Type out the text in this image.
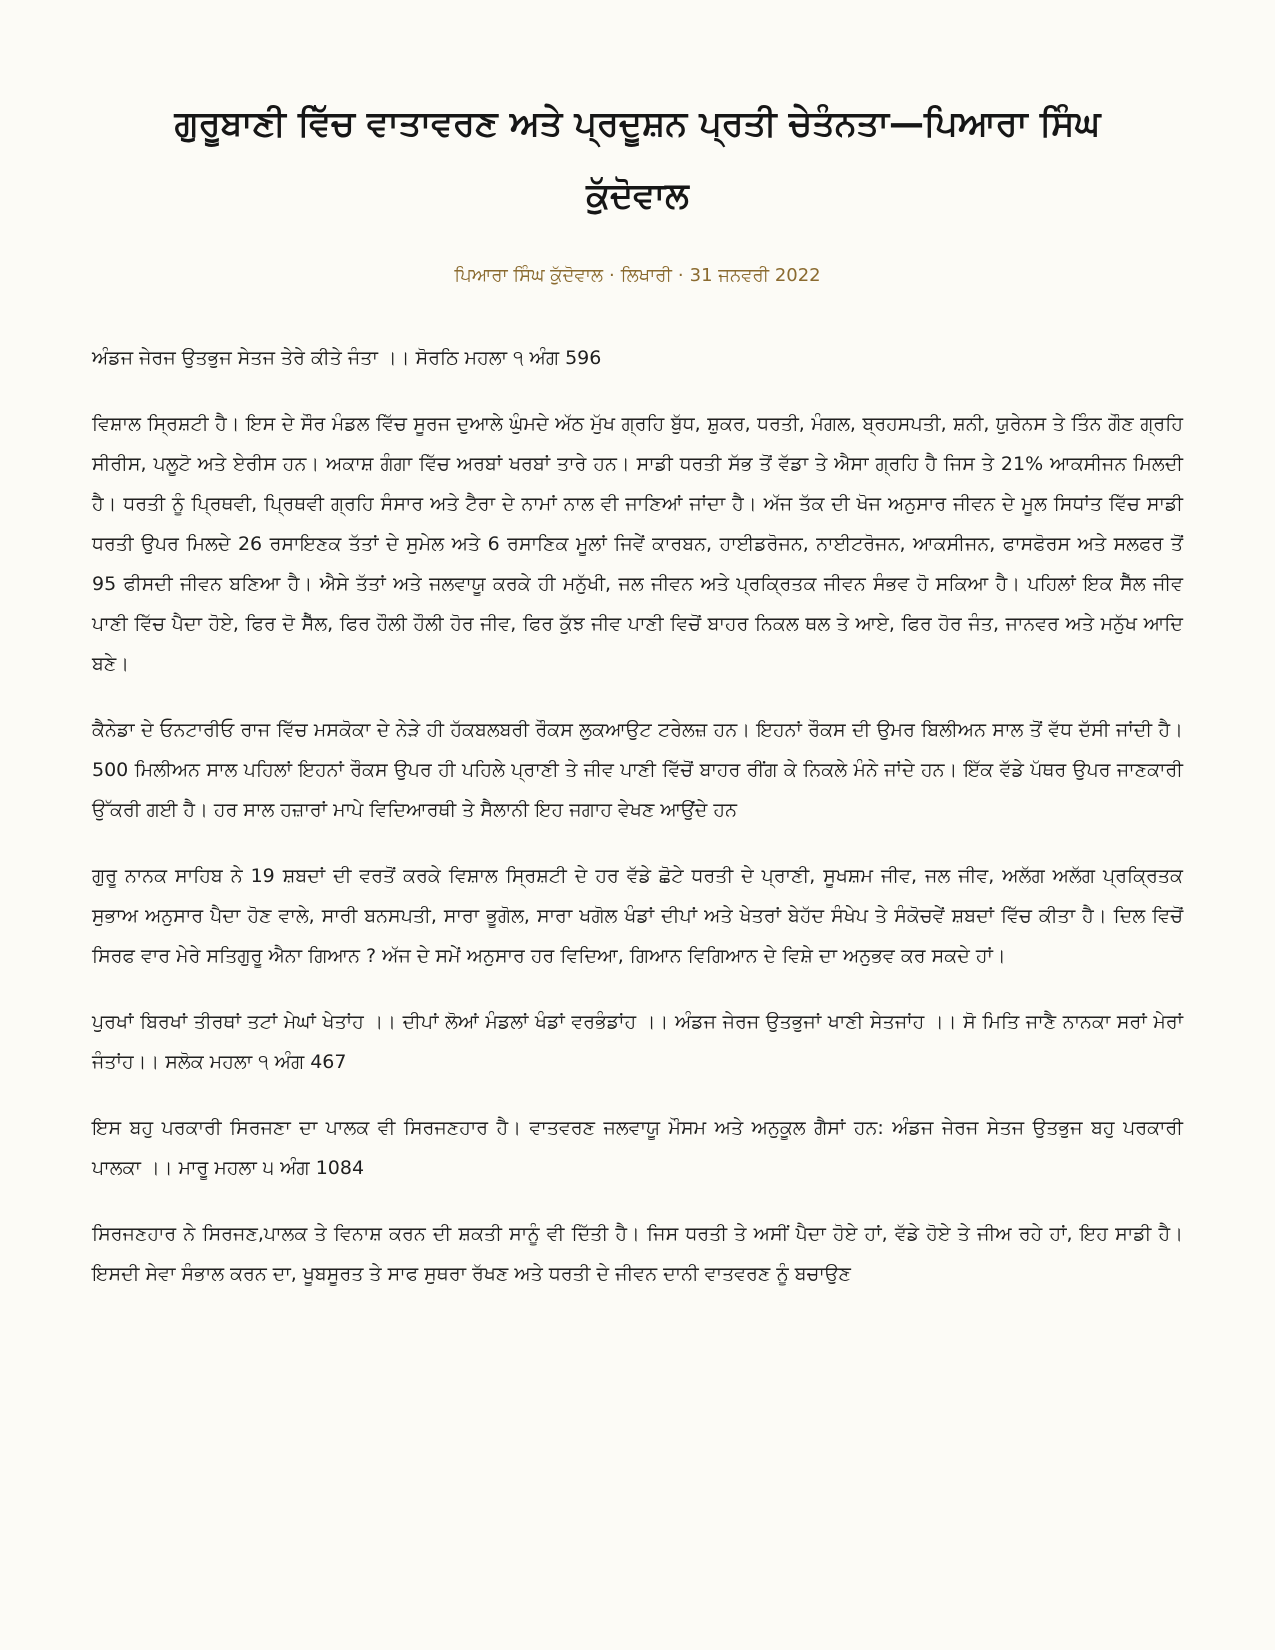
ਗੁਰੂਬਾਣੀ ਵਿੱਚ ਵਾਤਾਵਰਣ ਅਤੇ ਪ੍ਰਦੂਸ਼ਨ ਪ੍ਰਤੀ ਚੇਤੰਨਤਾ—ਪਿਆਰਾ ਸਿੰਘ ਕੁੱਦੋਵਾਲ
ਪਿਆਰਾ ਸਿੰਘ ਕੁੱਦੋਵਾਲ · ਲਿਖਾਰੀ · 31 ਜਨਵਰੀ 2022

ਅੰਡਜ ਜੇਰਜ ਉਤਭੁਜ ਸੇਤਜ ਤੇਰੇ ਕੀਤੇ ਜੰਤਾ ।। ਸੋਰਠਿ ਮਹਲਾ ੧ ਅੰਗ 596

ਵਿਸ਼ਾਲ ਸ੍ਰਿਸ਼ਟੀ ਹੈ। ਇਸ ਦੇ ਸੌਰ ਮੰਡਲ ਵਿੱਚ ਸੂਰਜ ਦੁਆਲੇ ਘੁੰਮਦੇ ਅੱਠ ਮੁੱਖ ਗ੍ਰਹਿ ਬੁੱਧ, ਸ਼ੁਕਰ, ਧਰਤੀ, ਮੰਗਲ, ਬ੍ਰਹਸਪਤੀ, ਸ਼ਨੀ, ਯੁਰੇਨਸ ਤੇ ਤਿੰਨ ਗੌਣ ਗ੍ਰਹਿ ਸੀਰੀਸ, ਪਲੂਟੋ ਅਤੇ ਏਰੀਸ ਹਨ। ਅਕਾਸ਼ ਗੰਗਾ ਵਿੱਚ ਅਰਬਾਂ ਖਰਬਾਂ ਤਾਰੇ ਹਨ। ਸਾਡੀ ਧਰਤੀ ਸੱਭ ਤੋਂ ਵੱਡਾ ਤੇ ਐਸਾ ਗ੍ਰਹਿ ਹੈ ਜਿਸ ਤੇ 21% ਆਕਸੀਜਨ ਮਿਲਦੀ ਹੈ। ਧਰਤੀ ਨੂੰ ਪ੍ਰਿਥਵੀ, ਪ੍ਰਿਥਵੀ ਗ੍ਰਹਿ ਸੰਸਾਰ ਅਤੇ ਟੈਰਾ ਦੇ ਨਾਮਾਂ ਨਾਲ ਵੀ ਜਾਣਿਆਂ ਜਾਂਦਾ ਹੈ। ਅੱਜ ਤੱਕ ਦੀ ਖੋਜ ਅਨੁਸਾਰ ਜੀਵਨ ਦੇ ਮੂਲ ਸਿਧਾਂਤ ਵਿੱਚ ਸਾਡੀ ਧਰਤੀ ਉਪਰ ਮਿਲਦੇ 26 ਰਸਾਇਣਕ ਤੱਤਾਂ ਦੇ ਸੁਮੇਲ ਅਤੇ 6 ਰਸਾਣਿਕ ਮੂਲਾਂ ਜਿਵੇਂ ਕਾਰਬਨ, ਹਾਈਡਰੋਜਨ, ਨਾਈਟਰੋਜਨ, ਆਕਸੀਜਨ, ਫਾਸਫੋਰਸ ਅਤੇ ਸਲਫਰ ਤੋਂ 95 ਫੀਸਦੀ ਜੀਵਨ ਬਣਿਆ ਹੈ। ਐਸੇ ਤੱਤਾਂ ਅਤੇ ਜਲਵਾਯੂ ਕਰਕੇ ਹੀ ਮਨੁੱਖੀ, ਜਲ ਜੀਵਨ ਅਤੇ ਪ੍ਰਕ੍ਰਿਤਕ ਜੀਵਨ ਸੰਭਵ ਹੋ ਸਕਿਆ ਹੈ। ਪਹਿਲਾਂ ਇਕ ਸੈੱਲ ਜੀਵ ਪਾਣੀ ਵਿੱਚ ਪੈਦਾ ਹੋਏ, ਫਿਰ ਦੋ ਸੈੱਲ, ਫਿਰ ਹੌਲੀ ਹੌਲੀ ਹੋਰ ਜੀਵ, ਫਿਰ ਕੁੱਝ ਜੀਵ ਪਾਣੀ ਵਿਚੋਂ ਬਾਹਰ ਨਿਕਲ ਥਲ ਤੇ ਆਏ, ਫਿਰ ਹੋਰ ਜੰਤ, ਜਾਨਵਰ ਅਤੇ ਮਨੁੱਖ ਆਦਿ ਬਣੇ।

ਕੈਨੇਡਾ ਦੇ ਓਨਟਾਰੀਓ ਰਾਜ ਵਿੱਚ ਮਸਕੋਕਾ ਦੇ ਨੇੜੇ ਹੀ ਹੱਕਬਲਬਰੀ ਰੌਕਸ ਲੁਕਆਉਟ ਟਰੇਲਜ਼ ਹਨ। ਇਹਨਾਂ ਰੌਕਸ ਦੀ ਉਮਰ ਬਿਲੀਅਨ ਸਾਲ ਤੋਂ ਵੱਧ ਦੱਸੀ ਜਾਂਦੀ ਹੈ। 500 ਮਿਲੀਅਨ ਸਾਲ ਪਹਿਲਾਂ ਇਹਨਾਂ ਰੌਕਸ ਉਪਰ ਹੀ ਪਹਿਲੇ ਪ੍ਰਾਣੀ ਤੇ ਜੀਵ ਪਾਣੀ ਵਿੱਚੋਂ ਬਾਹਰ ਰੀਂਗ ਕੇ ਨਿਕਲੇ ਮੰਨੇ ਜਾਂਦੇ ਹਨ। ਇੱਕ ਵੱਡੇ ਪੱਥਰ ਉਪਰ ਜਾਣਕਾਰੀ ਉੱਕਰੀ ਗਈ ਹੈ। ਹਰ ਸਾਲ ਹਜ਼ਾਰਾਂ ਮਾਪੇ ਵਿਦਿਆਰਥੀ ਤੇ ਸੈਲਾਨੀ ਇਹ ਜਗਾਹ ਵੇਖਣ ਆਉਂਦੇ ਹਨ

ਗੁਰੂ ਨਾਨਕ ਸਾਹਿਬ ਨੇ 19 ਸ਼ਬਦਾਂ ਦੀ ਵਰਤੋਂ ਕਰਕੇ ਵਿਸ਼ਾਲ ਸ੍ਰਿਸ਼ਟੀ ਦੇ ਹਰ ਵੱਡੇ ਛੋਟੇ ਧਰਤੀ ਦੇ ਪ੍ਰਾਣੀ, ਸੂਖਸ਼ਮ ਜੀਵ, ਜਲ ਜੀਵ, ਅਲੱਗ ਅਲੱਗ ਪ੍ਰਕ੍ਰਿਤਕ ਸੁਭਾਅ ਅਨੁਸਾਰ ਪੈਦਾ ਹੋਣ ਵਾਲੇ, ਸਾਰੀ ਬਨਸਪਤੀ, ਸਾਰਾ ਭੂਗੋਲ, ਸਾਰਾ ਖਗੋਲ ਖੰਡਾਂ ਦੀਪਾਂ ਅਤੇ ਖੇਤਰਾਂ ਬੇਹੱਦ ਸੰਖੇਪ ਤੇ ਸੰਕੋਚਵੇਂ ਸ਼ਬਦਾਂ ਵਿੱਚ ਕੀਤਾ ਹੈ। ਦਿਲ ਵਿਚੋਂ ਸਿਰਫ ਵਾਰ ਮੇਰੇ ਸਤਿਗੁਰੂ ਐਨਾ ਗਿਆਨ ? ਅੱਜ ਦੇ ਸਮੇਂ ਅਨੁਸਾਰ ਹਰ ਵਿਦਿਆ, ਗਿਆਨ ਵਿਗਿਆਨ ਦੇ ਵਿਸ਼ੇ ਦਾ ਅਨੁਭਵ ਕਰ ਸਕਦੇ ਹਾਂ।

ਪੁਰਖਾਂ ਬਿਰਖਾਂ ਤੀਰਥਾਂ ਤਟਾਂ ਮੇਘਾਂ ਖੇਤਾਂਹ ।। ਦੀਪਾਂ ਲੋਆਂ ਮੰਡਲਾਂ ਖੰਡਾਂ ਵਰਭੰਡਾਂਹ ।। ਅੰਡਜ ਜੇਰਜ ਉਤਭੁਜਾਂ ਖਾਣੀ ਸੇਤਜਾਂਹ ।। ਸੋ ਮਿਤਿ ਜਾਣੈ ਨਾਨਕਾ ਸਰਾਂ ਮੇਰਾਂ ਜੰਤਾਂਹ।। ਸਲੋਕ ਮਹਲਾ ੧ ਅੰਗ 467

ਇਸ ਬਹੁ ਪਰਕਾਰੀ ਸਿਰਜਣਾ ਦਾ ਪਾਲਕ ਵੀ ਸਿਰਜਣਹਾਰ ਹੈ। ਵਾਤਵਰਣ ਜਲਵਾਯੂ ਮੌਸਮ ਅਤੇ ਅਨੁਕੂਲ ਗੈਸਾਂ ਹਨ: ਅੰਡਜ ਜੇਰਜ ਸੇਤਜ ਉਤਭੁਜ ਬਹੁ ਪਰਕਾਰੀ ਪਾਲਕਾ ।। ਮਾਰੂ ਮਹਲਾ ੫ ਅੰਗ 1084

ਸਿਰਜਣਹਾਰ ਨੇ ਸਿਰਜਣ,ਪਾਲਕ ਤੇ ਵਿਨਾਸ਼ ਕਰਨ ਦੀ ਸ਼ਕਤੀ ਸਾਨੂੰ ਵੀ ਦਿੱਤੀ ਹੈ। ਜਿਸ ਧਰਤੀ ਤੇ ਅਸੀਂ ਪੈਦਾ ਹੋਏ ਹਾਂ, ਵੱਡੇ ਹੋਏ ਤੇ ਜੀਅ ਰਹੇ ਹਾਂ, ਇਹ ਸਾਡੀ ਹੈ। ਇਸਦੀ ਸੇਵਾ ਸੰਭਾਲ ਕਰਨ ਦਾ, ਖੂਬਸੂਰਤ ਤੇ ਸਾਫ ਸੁਥਰਾ ਰੱਖਣ ਅਤੇ ਧਰਤੀ ਦੇ ਜੀਵਨ ਦਾਨੀ ਵਾਤਵਰਣ ਨੂੰ ਬਚਾਉਣ
